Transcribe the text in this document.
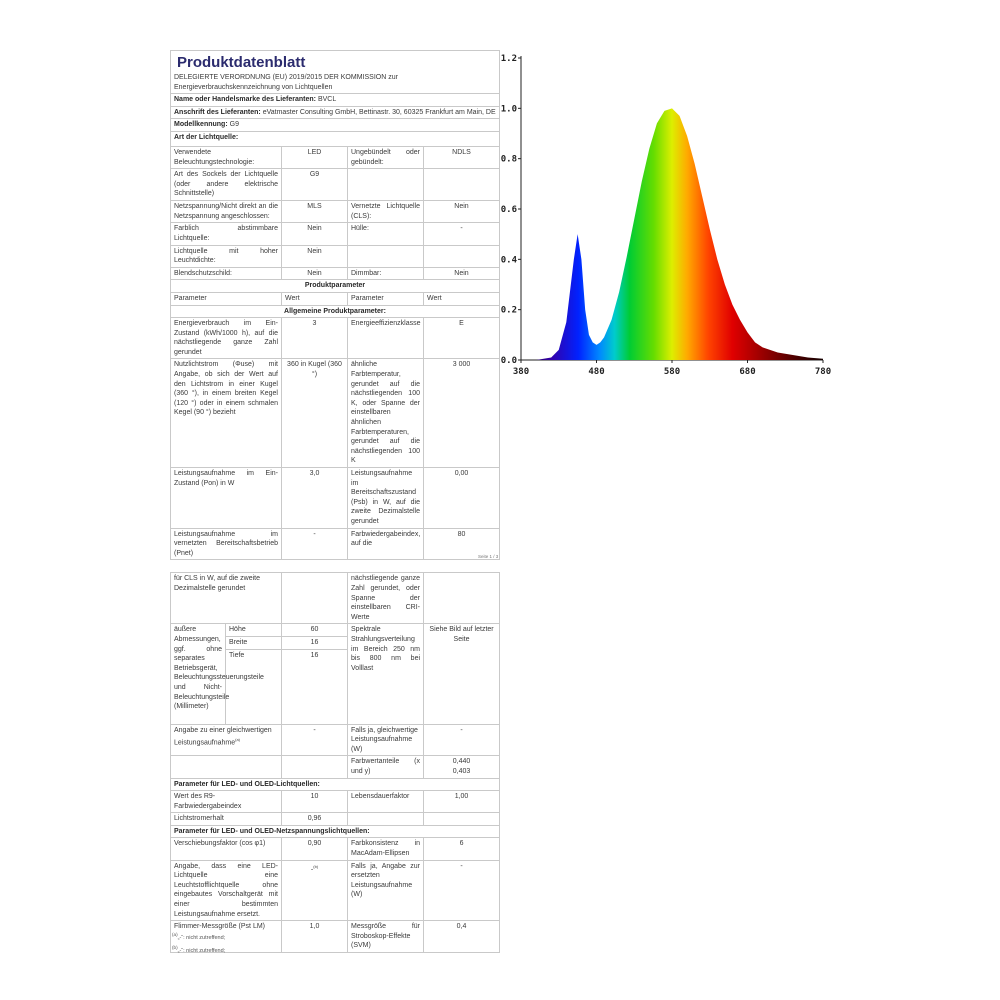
Produktdatenblatt
DELEGIERTE VERORDNUNG (EU) 2019/2015 DER KOMMISSION zur Energieverbrauchskennzeichnung von Lichtquellen			

Name oder Handelsmarke des Lieferanten: BVCL			
Anschrift des Lieferanten: eVatmaster Consulting GmbH, Bettinastr. 30, 60325 Frankfurt am Main, DE			
Modellkennung: G9			
Art der Lichtquelle:			
Verwendete Beleuchtungstechnologie:	LED	Ungebündelt oder gebündelt:	NDLS
Art des Sockels der Lichtquelle (oder andere elektrische Schnittstelle)	G9		
Netzspannung/Nicht direkt an die Netzspannung angeschlossen:	MLS	Vernetzte Lichtquelle (CLS):	Nein
Farblich abstimmbare Lichtquelle:	Nein	Hülle:	-
Lichtquelle mit hoher Leuchtdichte:	Nein		
Blendschutzschild:	Nein	Dimmbar:	Nein
Produktparameter			
Parameter	Wert	Parameter	Wert
Allgemeine Produktparameter:			
Energieverbrauch im Ein-Zustand (kWh/1000 h), auf die nächstliegende ganze Zahl gerundet	3	Energieeffizienzklasse	E
Nutzlichtstrom (Φuse) mit Angabe, ob sich der Wert auf den Lichtstrom in einer Kugel (360 °), in einem breiten Kegel (120 °) oder in einem schmalen Kegel (90 °) bezieht	360 in Kugel (360 °)	ähnliche Farbtemperatur, gerundet auf die nächstliegenden 100 K, oder Spanne der einstellbaren ähnlichen Farbtemperaturen, gerundet auf die nächstliegenden 100 K	3 000
Leistungsaufnahme im Ein-Zustand (Pon) in W	3,0	Leistungsaufnahme im Bereitschaftszustand (Psb) in W, auf die zweite Dezimalstelle gerundet	0,00
Leistungsaufnahme im vernetzten Bereitschaftsbetrieb (Pnet)	-	Farbwiedergabeindex, auf die	80
für CLS in W, auf die zweite Dezimalstelle gerundet			nächstliegende ganze Zahl gerundet, oder Spanne der einstellbaren CRI-Werte	
äußere Abmessungen, ggf. ohne separates Betriebsgerät, Beleuchtungssteuerungsteile und Nicht-Beleuchtungsteile (Millimeter)	Höhe	60	Spektrale Strahlungsverteilung im Bereich 250 nm bis 800 nm bei Volllast	Siehe Bild auf letzter Seite
	Breite	16		
	Tiefe	16		
Angabe zu einer gleichwertigen Leistungsaufnahme$^{(a)}$		-	Falls ja, gleichwertige Leistungsaufnahme (W)	-
			Farbwertanteile (x und y)	0,440
0,403
Parameter für LED- und OLED-Lichtquellen:				
Wert des R9-Farbwiedergabeindex		10	Lebensdauerfaktor	1,00
Lichtstromerhalt		0,96		
Parameter für LED- und OLED-Netzspannungslichtquellen:				
Verschiebungsfaktor (cos φ1)		0,90	Farbkonsistenz in MacAdam-Ellipsen	6
Angabe, dass eine LED-Lichtquelle eine Leuchtstofflichtquelle ohne eingebautes Vorschaltgerät mit einer bestimmten Leistungsaufnahme ersetzt.		-$^{(b)}$	Falls ja, Angabe zur ersetzten Leistungsaufnahme (W)	-
Flimmer-Messgröße (Pst LM)		1,0	Messgröße für Stroboskop-Effekte (SVM)	0,4
Seite 1 / 3
$^{(a)}$„-“: nicht zutreffend;
$^{(b)}$„-“: nicht zutreffend;
0.0
0.2
0.4
0.6
0.8
1.0
1.2
380	480	580	680	780
